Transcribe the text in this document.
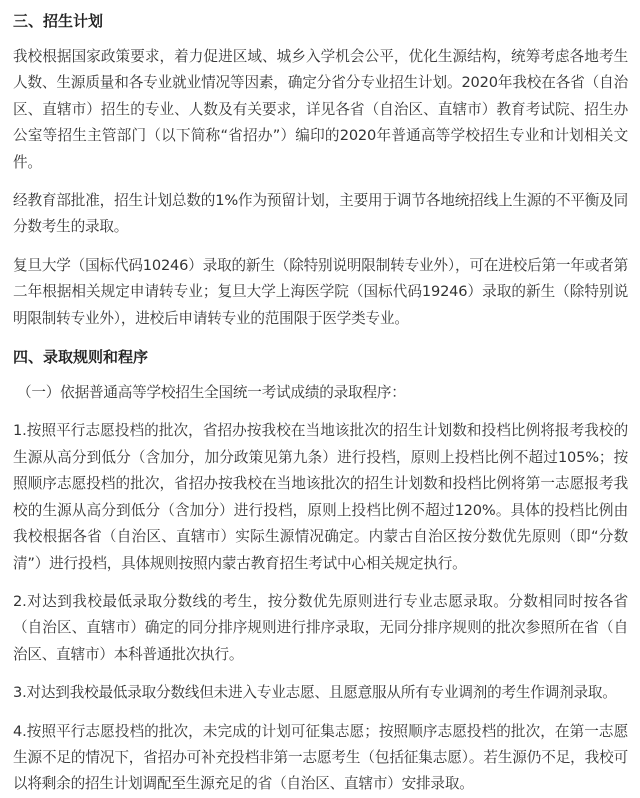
三、招生计划

我校根据国家政策要求，着力促进区域、城乡入学机会公平，优化生源结构，统筹考虑各地考生人数、生源质量和各专业就业情况等因素，确定分省分专业招生计划。2020年我校在各省（自治区、直辖市）招生的专业、人数及有关要求，详见各省（自治区、直辖市）教育考试院、招生办公室等招生主管部门（以下简称“省招办”）编印的2020年普通高等学校招生专业和计划相关文件。

经教育部批准，招生计划总数的1%作为预留计划，主要用于调节各地统招线上生源的不平衡及同分数考生的录取。

复旦大学（国标代码10246）录取的新生（除特别说明限制转专业外），可在进校后第一年或者第二年根据相关规定申请转专业；复旦大学上海医学院（国标代码19246）录取的新生（除特别说明限制转专业外），进校后申请转专业的范围限于医学类专业。

四、录取规则和程序

（一）依据普通高等学校招生全国统一考试成绩的录取程序：

1.按照平行志愿投档的批次，省招办按我校在当地该批次的招生计划数和投档比例将报考我校的生源从高分到低分（含加分，加分政策见第九条）进行投档，原则上投档比例不超过105%；按照顺序志愿投档的批次，省招办按我校在当地该批次的招生计划数和投档比例将第一志愿报考我校的生源从高分到低分（含加分）进行投档，原则上投档比例不超过120%。具体的投档比例由我校根据各省（自治区、直辖市）实际生源情况确定。内蒙古自治区按分数优先原则（即“分数清”）进行投档，具体规则按照内蒙古教育招生考试中心相关规定执行。

2.对达到我校最低录取分数线的考生，按分数优先原则进行专业志愿录取。分数相同时按各省（自治区、直辖市）确定的同分排序规则进行排序录取，无同分排序规则的批次参照所在省（自治区、直辖市）本科普通批次执行。

3.对达到我校最低录取分数线但未进入专业志愿、且愿意服从所有专业调剂的考生作调剂录取。

4.按照平行志愿投档的批次，未完成的计划可征集志愿；按照顺序志愿投档的批次，在第一志愿生源不足的情况下，省招办可补充投档非第一志愿考生（包括征集志愿）。若生源仍不足，我校可以将剩余的招生计划调配至生源充足的省（自治区、直辖市）安排录取。
